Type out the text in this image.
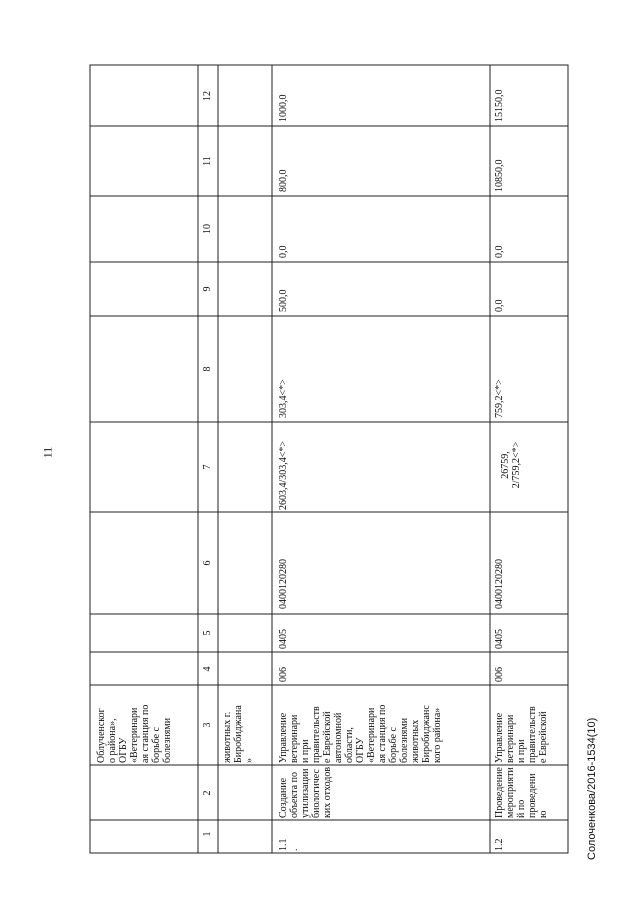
11
Солоченкова/2016-1534(10)
1
2
3
4
5
6
7
8
9
10
11
12
Облученског
о района»,
ОГБУ
«Ветеринари
ая станция по
борьбе с
болезнями	животных г.
Биробиджана
»
1.1
.
Создание
объекта по
утилизации
биологичес
ких отходов
Управление
ветеринари
и при
правительств
е Еврейской
автономной
области,
ОГБУ
«Ветеринари
ая станция по
борьбе с
болезнями
животных
Биробиджанс
кого района»
006
0405
0400120280
2603,4/303,4<*>
303,4<*>
500,0
0,0
800,0
1000,0
1.2
Проведение
мероприяти
й по
проведени
ю
Управление
ветеринари
и при
правительств
е Еврейской
006
0405
0400120280
26759,
2/759,2<*>
759,2<*>
0,0
0,0
10850,0
15150,0
